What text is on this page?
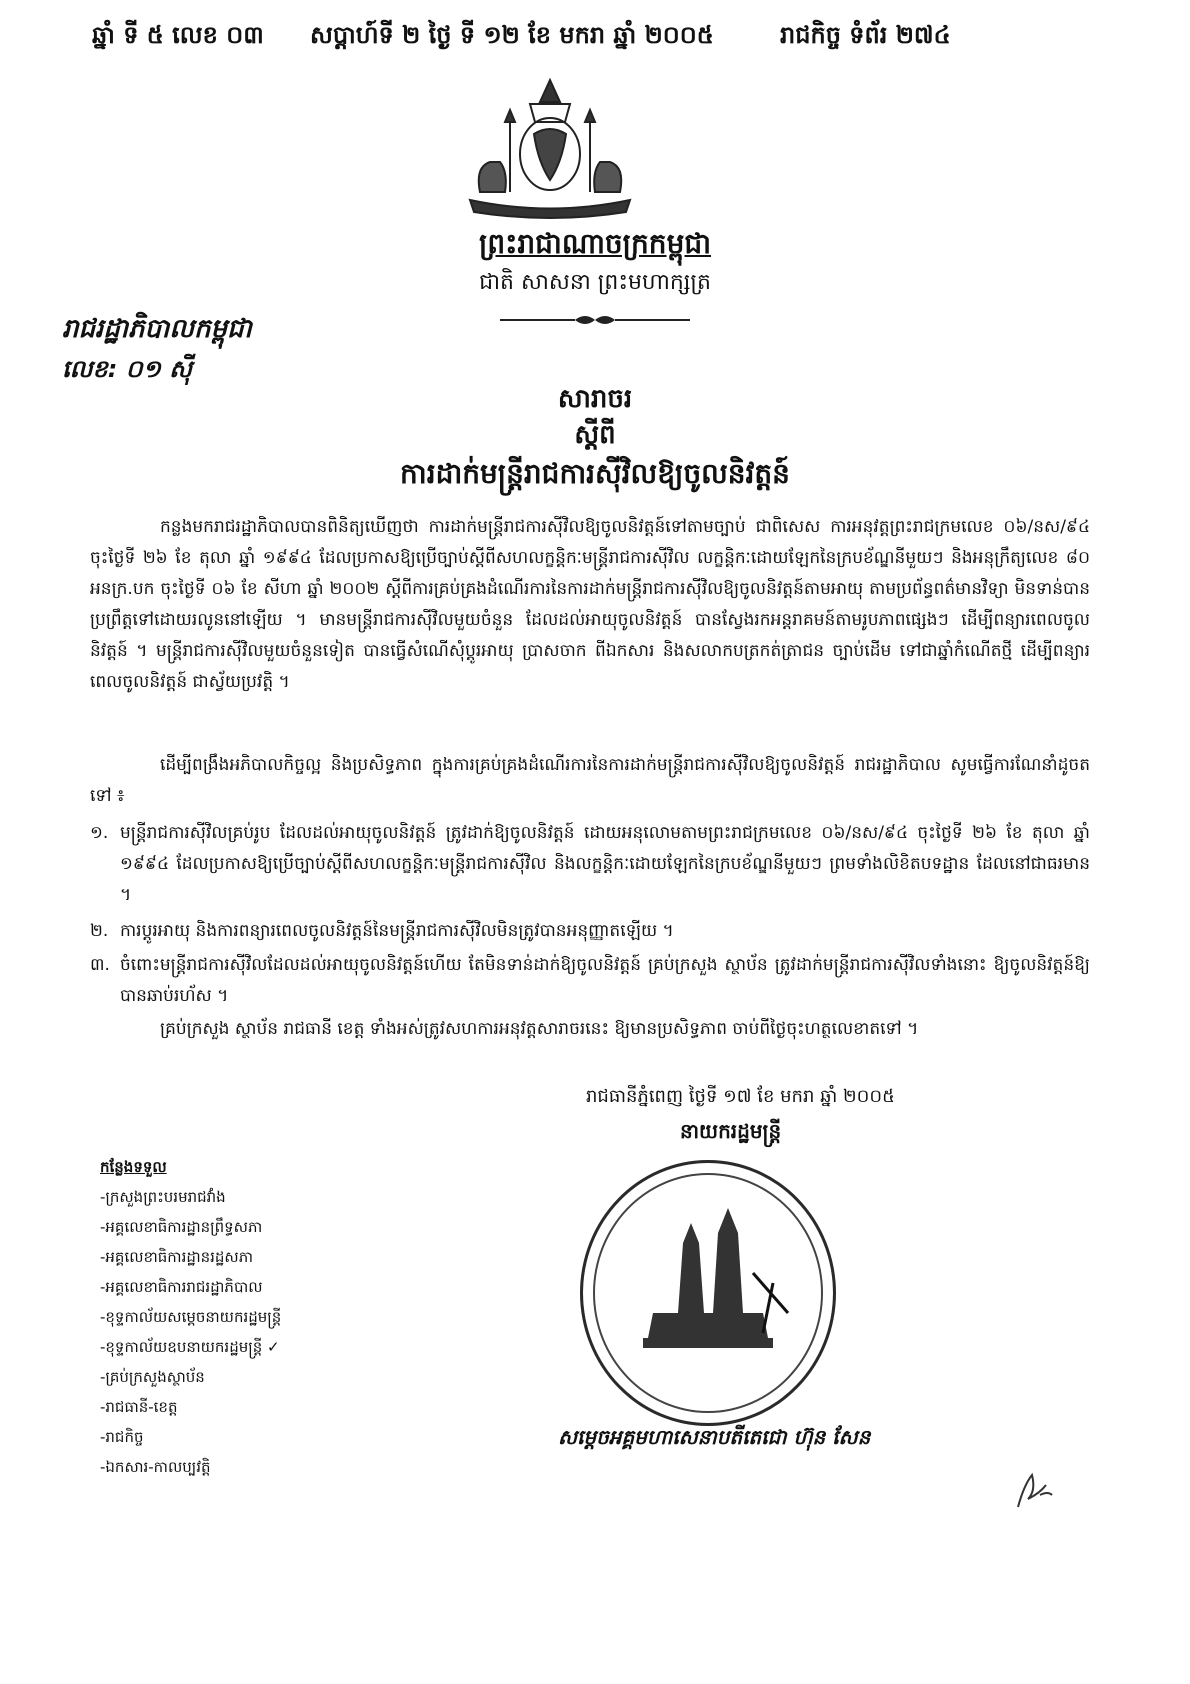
ឆ្នាំ ទី ៥ លេខ ០៣ សប្តាហ៍ទី ២ ថ្ងៃ ទី ១២ ខែ មករា ឆ្នាំ ២០០៥	រាជកិច្ច ទំព័រ ២៧៤
ព្រះរាជាណាចក្រកម្ពុជា
ជាតិ សាសនា ព្រះមហាក្សត្រ
រាជរដ្ឋាភិបាលកម្ពុជា
លេខ: ០១ ស៊ី
សារាចរ
ស្តីពី
ការដាក់មន្ត្រីរាជការស៊ីវិលឱ្យចូលនិវត្តន៍
កន្លងមករាជរដ្ឋាភិបាលបានពិនិត្យឃើញថា ការដាក់មន្ត្រីរាជការស៊ីវិលឱ្យចូលនិវត្តន៍ទៅតាមច្បាប់ ជាពិសេស ការអនុវត្តព្រះរាជក្រមលេខ ០៦/នស/៩៤ ចុះថ្ងៃទី ២៦ ខែ តុលា ឆ្នាំ ១៩៩៤ ដែលប្រកាសឱ្យប្រើច្បាប់ស្តីពីសហលក្ខន្តិកៈមន្ត្រីរាជការស៊ីវិល លក្ខន្តិកៈដោយឡែកនៃក្របខ័ណ្ឌនីមួយៗ និងអនុក្រឹត្យលេខ ៨០ អនក្រ.បក ចុះថ្ងៃទី ០៦ ខែ សីហា ឆ្នាំ ២០០២ ស្តីពីការគ្រប់គ្រងដំណើរការនៃការដាក់មន្ត្រីរាជការស៊ីវិលឱ្យចូលនិវត្តន៍តាមអាយុ តាមប្រព័ន្ធពត៌មានវិទ្យា មិនទាន់បានប្រព្រឹត្តទៅដោយរលូននៅឡើយ ។ មានមន្ត្រីរាជការស៊ីវិលមួយចំនួន ដែលដល់អាយុចូលនិវត្តន៍ បានស្វែងរកអន្តរាគមន៍តាមរូបភាពផ្សេងៗ ដើម្បីពន្យារពេលចូលនិវត្តន៍ ។ មន្ត្រីរាជការស៊ីវិលមួយចំនួនទៀត បានធ្វើសំណើសុំប្តូរអាយុ ប្រាសចាក ពីឯកសារ និងសលាកបត្រកត់ត្រាជន ច្បាប់ដើម ទៅជាឆ្នាំកំណើតថ្មី ដើម្បីពន្យារពេលចូលនិវត្តន៍ ជាស្វ័យប្រវត្តិ ។
ដើម្បីពង្រឹងអភិបាលកិច្ចល្អ និងប្រសិទ្ធភាព ក្នុងការគ្រប់គ្រងដំណើរការនៃការដាក់មន្ត្រីរាជការស៊ីវិលឱ្យចូលនិវត្តន៍ រាជរដ្ឋាភិបាល សូមធ្វើការណែនាំដូចតទៅ ៖
១. មន្ត្រីរាជការស៊ីវិលគ្រប់រូប ដែលដល់អាយុចូលនិវត្តន៍ ត្រូវដាក់ឱ្យចូលនិវត្តន៍ ដោយអនុលោមតាមព្រះរាជក្រមលេខ ០៦/នស/៩៤ ចុះថ្ងៃទី ២៦ ខែ តុលា ឆ្នាំ ១៩៩៤ ដែលប្រកាសឱ្យប្រើច្បាប់ស្តីពីសហលក្ខន្តិកៈមន្ត្រីរាជការស៊ីវិល និងលក្ខន្តិកៈដោយឡែកនៃក្របខ័ណ្ឌនីមួយៗ ព្រមទាំងលិខិតបទដ្ឋាន ដែលនៅជាធរមាន ។
២. ការប្តូរអាយុ និងការពន្យារពេលចូលនិវត្តន៍នៃមន្ត្រីរាជការស៊ីវិលមិនត្រូវបានអនុញ្ញាតឡើយ ។
៣. ចំពោះមន្ត្រីរាជការស៊ីវិលដែលដល់អាយុចូលនិវត្តន៍ហើយ តែមិនទាន់ដាក់ឱ្យចូលនិវត្តន៍ គ្រប់ក្រសួង ស្ថាប័ន ត្រូវដាក់មន្ត្រីរាជការស៊ីវិលទាំងនោះ ឱ្យចូលនិវត្តន៍ឱ្យបានឆាប់រហ័ស ។
គ្រប់ក្រសួង ស្ថាប័ន រាជធានី ខេត្ត ទាំងអស់ត្រូវសហការអនុវត្តសារាចរនេះ ឱ្យមានប្រសិទ្ធភាព ចាប់ពីថ្ងៃចុះហត្ថលេខាតទៅ ។
រាជធានីភ្នំពេញ ថ្ងៃទី ១៧ ខែ មករា ឆ្នាំ ២០០៥
នាយករដ្ឋមន្ត្រី
សម្តេចអគ្គមហាសេនាបតីតេជោ ហ៊ុន សែន
កន្លែងទទួល
-ក្រសួងព្រះបរមរាជវាំង
-អគ្គលេខាធិការដ្ឋានព្រឹទ្ធសភា
-អគ្គលេខាធិការដ្ឋានរដ្ឋសភា
-អគ្គលេខាធិការរាជរដ្ឋាភិបាល
-ខុទ្ទកាល័យសម្តេចនាយករដ្ឋមន្ត្រី
-ខុទ្ទកាល័យឧបនាយករដ្ឋមន្ត្រី ✓
-គ្រប់ក្រសួងស្ថាប័ន
-រាជធានី-ខេត្ត
-រាជកិច្ច
-ឯកសារ-កាលប្បវត្តិ
